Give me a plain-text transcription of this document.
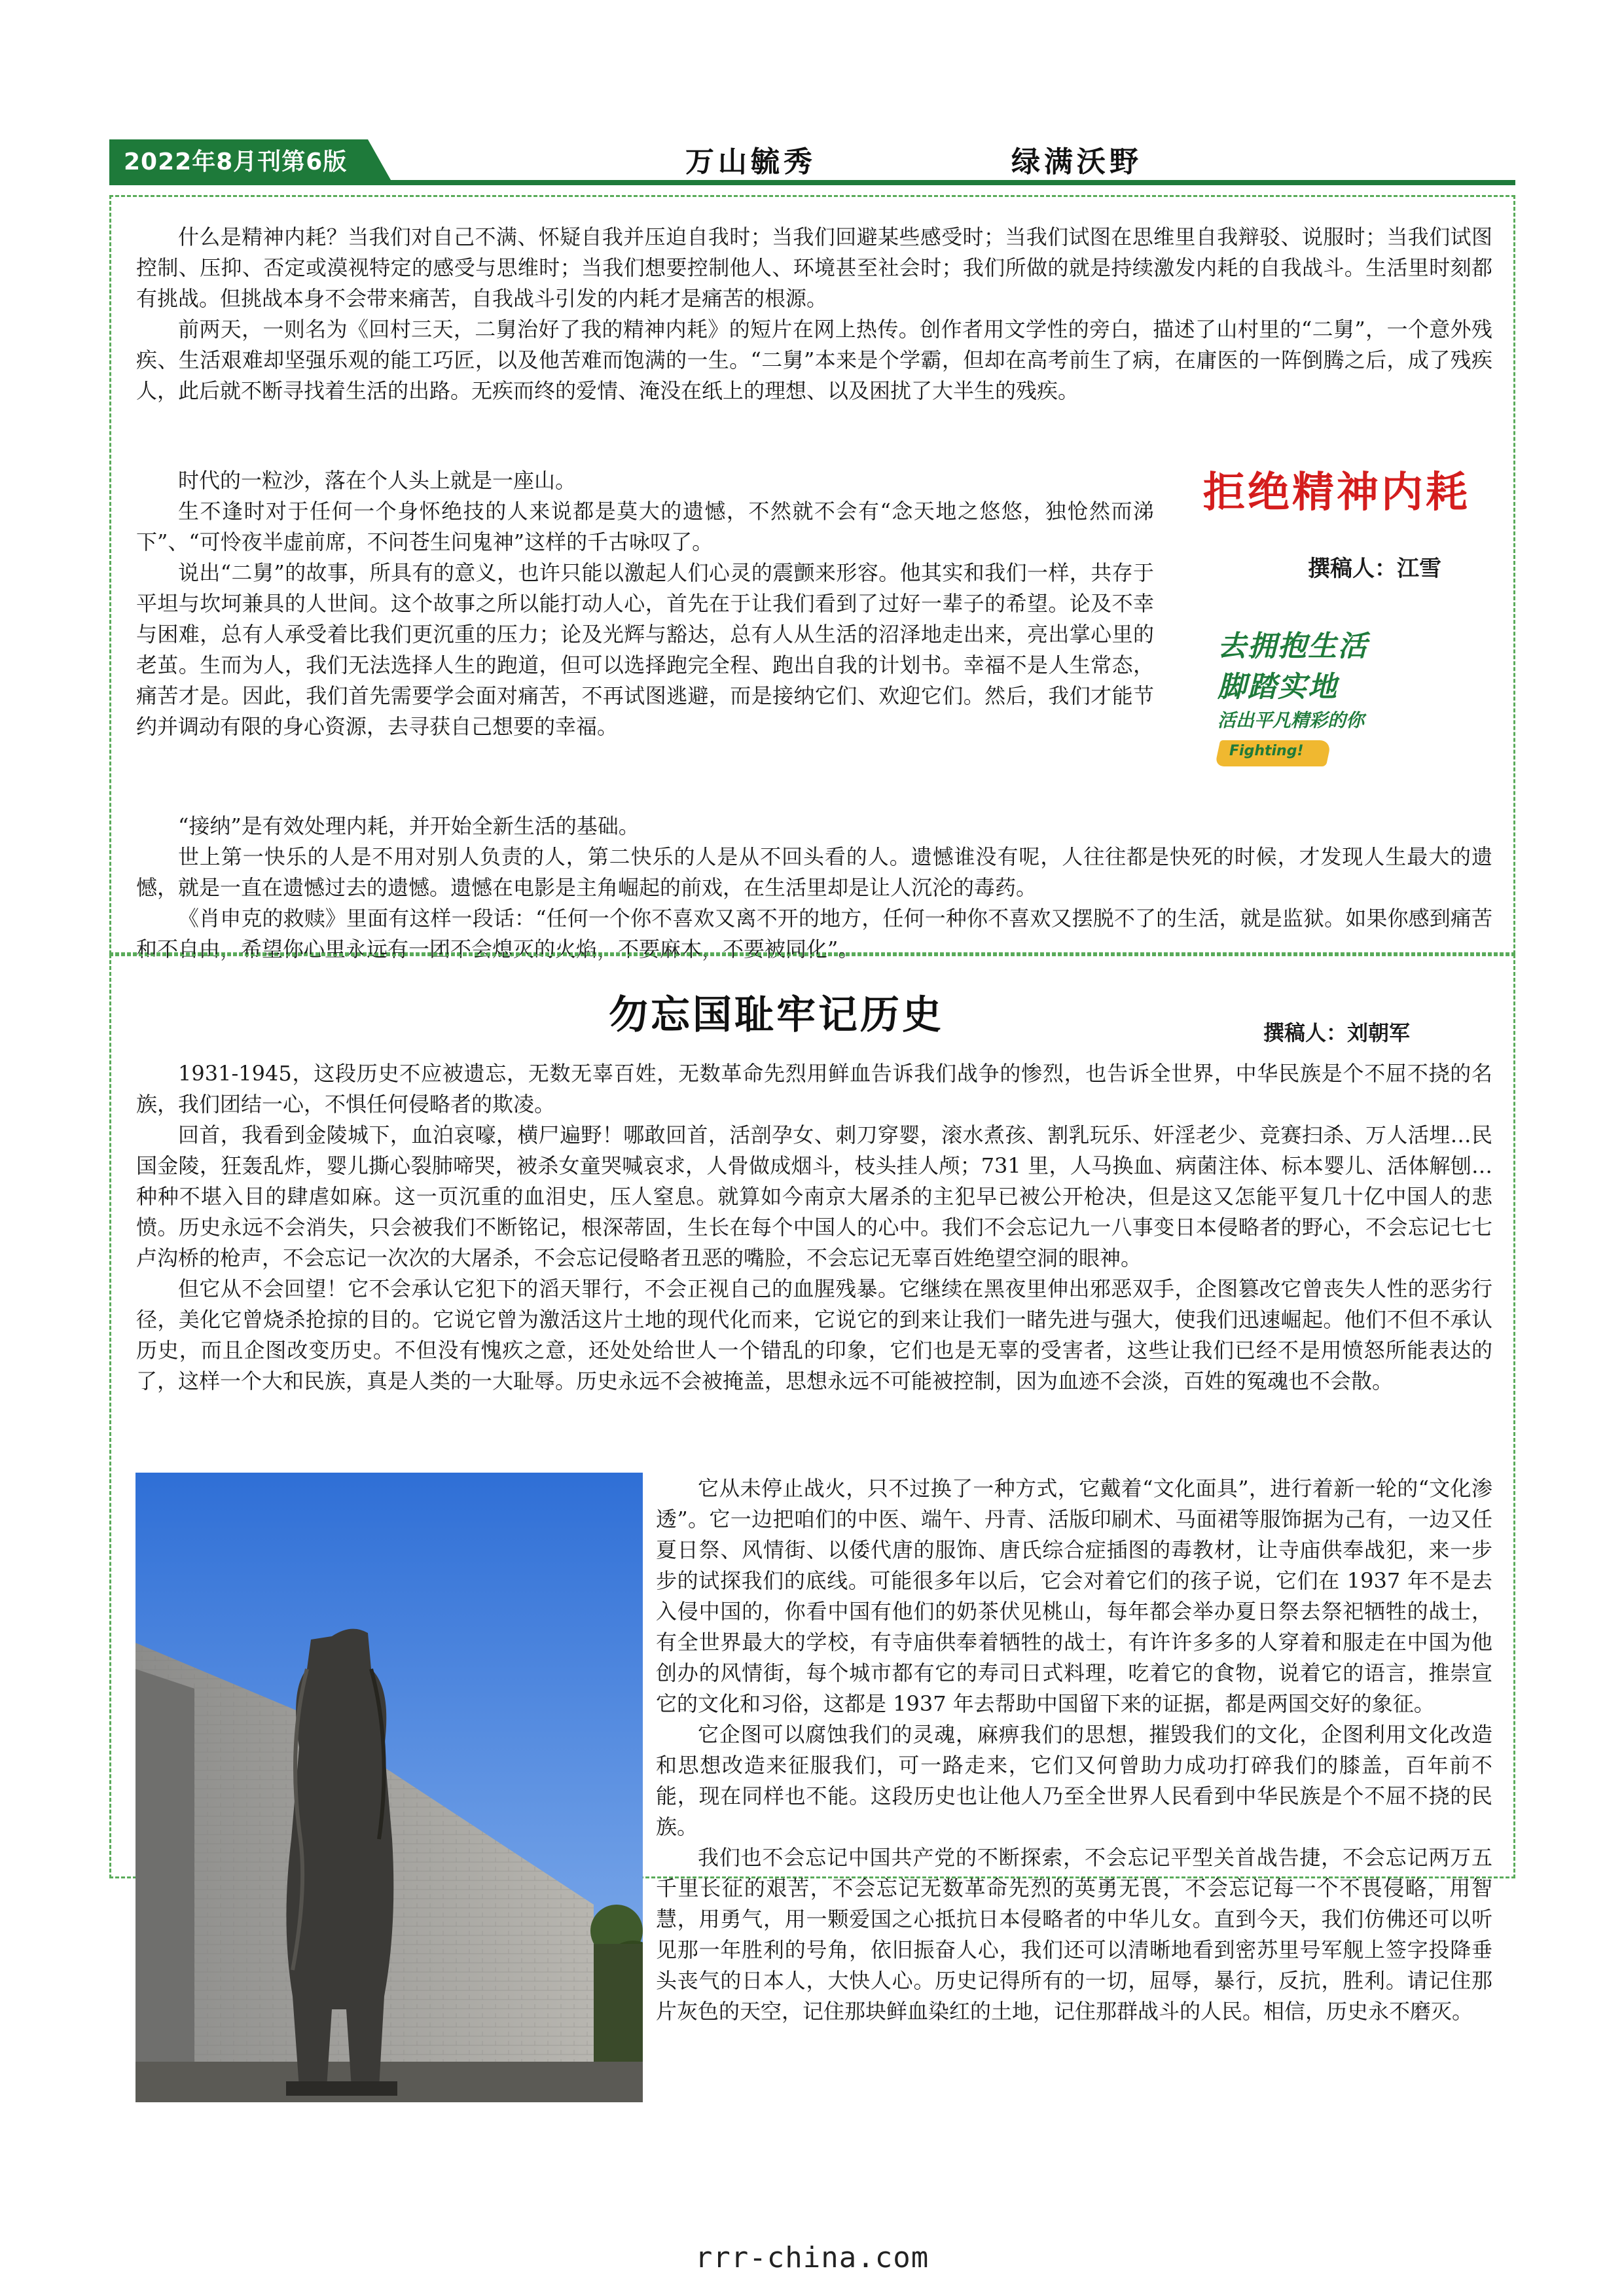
2022年8月刊第6版	万山毓秀	绿满沃野

什么是精神内耗？当我们对自己不满、怀疑自我并压迫自我时；当我们回避某些感受时；当我们试图在思维里自我辩驳、说服时；当我们试图控制、压抑、否定或漠视特定的感受与思维时；当我们想要控制他人、环境甚至社会时；我们所做的就是持续激发内耗的自我战斗。生活里时刻都有挑战。但挑战本身不会带来痛苦，自我战斗引发的内耗才是痛苦的根源。

前两天，一则名为《回村三天，二舅治好了我的精神内耗》的短片在网上热传。创作者用文学性的旁白，描述了山村里的“二舅”，一个意外残疾、生活艰难却坚强乐观的能工巧匠，以及他苦难而饱满的一生。“二舅”本来是个学霸，但却在高考前生了病，在庸医的一阵倒腾之后，成了残疾人，此后就不断寻找着生活的出路。无疾而终的爱情、淹没在纸上的理想、以及困扰了大半生的残疾。

时代的一粒沙，落在个人头上就是一座山。

生不逢时对于任何一个身怀绝技的人来说都是莫大的遗憾，不然就不会有“念天地之悠悠，独怆然而涕下”、“可怜夜半虚前席，不问苍生问鬼神”这样的千古咏叹了。

说出“二舅”的故事，所具有的意义，也许只能以激起人们心灵的震颤来形容。他其实和我们一样，共存于平坦与坎坷兼具的人世间。这个故事之所以能打动人心，首先在于让我们看到了过好一辈子的希望。论及不幸与困难，总有人承受着比我们更沉重的压力；论及光辉与豁达，总有人从生活的沼泽地走出来，亮出掌心里的老茧。生而为人，我们无法选择人生的跑道，但可以选择跑完全程、跑出自我的计划书。幸福不是人生常态，痛苦才是。因此，我们首先需要学会面对痛苦，不再试图逃避，而是接纳它们、欢迎它们。然后，我们才能节约并调动有限的身心资源，去寻获自己想要的幸福。

拒绝精神内耗
撰稿人：江雪
去拥抱生活
脚踏实地
活出平凡精彩的你
Fighting!

“接纳”是有效处理内耗，并开始全新生活的基础。

世上第一快乐的人是不用对别人负责的人，第二快乐的人是从不回头看的人。遗憾谁没有呢，人往往都是快死的时候，才发现人生最大的遗憾，就是一直在遗憾过去的遗憾。遗憾在电影是主角崛起的前戏，在生活里却是让人沉沦的毒药。

《肖申克的救赎》里面有这样一段话：“任何一个你不喜欢又离不开的地方，任何一种你不喜欢又摆脱不了的生活，就是监狱。如果你感到痛苦和不自由，希望你心里永远有一团不会熄灭的火焰，不要麻木，不要被同化”。

勿忘国耻牢记历史	撰稿人：刘朝军

1931-1945，这段历史不应被遗忘，无数无辜百姓，无数革命先烈用鲜血告诉我们战争的惨烈，也告诉全世界，中华民族是个不屈不挠的名族，我们团结一心，不惧任何侵略者的欺凌。

回首，我看到金陵城下，血泊哀嚎，横尸遍野！哪敢回首，活剖孕女、刺刀穿婴，滚水煮孩、割乳玩乐、奸淫老少、竞赛扫杀、万人活埋…民国金陵，狂轰乱炸，婴儿撕心裂肺啼哭，被杀女童哭喊哀求，人骨做成烟斗，枝头挂人颅；731 里，人马换血、病菌注体、标本婴儿、活体解刨…种种不堪入目的肆虐如麻。这一页沉重的血泪史，压人窒息。就算如今南京大屠杀的主犯早已被公开枪决，但是这又怎能平复几十亿中国人的悲愤。历史永远不会消失，只会被我们不断铭记，根深蒂固，生长在每个中国人的心中。我们不会忘记九一八事变日本侵略者的野心，不会忘记七七卢沟桥的枪声，不会忘记一次次的大屠杀，不会忘记侵略者丑恶的嘴脸，不会忘记无辜百姓绝望空洞的眼神。

但它从不会回望！它不会承认它犯下的滔天罪行，不会正视自己的血腥残暴。它继续在黑夜里伸出邪恶双手，企图篡改它曾丧失人性的恶劣行径，美化它曾烧杀抢掠的目的。它说它曾为激活这片土地的现代化而来，它说它的到来让我们一睹先进与强大，使我们迅速崛起。他们不但不承认历史，而且企图改变历史。不但没有愧疚之意，还处处给世人一个错乱的印象，它们也是无辜的受害者，这些让我们已经不是用愤怒所能表达的了，这样一个大和民族，真是人类的一大耻辱。历史永远不会被掩盖，思想永远不可能被控制，因为血迹不会淡，百姓的冤魂也不会散。

它从未停止战火，只不过换了一种方式，它戴着“文化面具”，进行着新一轮的“文化渗透”。它一边把咱们的中医、端午、丹青、活版印刷术、马面裙等服饰据为己有，一边又任夏日祭、风情街、以倭代唐的服饰、唐氏综合症插图的毒教材，让寺庙供奉战犯，来一步步的试探我们的底线。可能很多年以后，它会对着它们的孩子说，它们在 1937 年不是去入侵中国的，你看中国有他们的奶茶伏见桃山，每年都会举办夏日祭去祭祀牺牲的战士，有全世界最大的学校，有寺庙供奉着牺牲的战士，有许许多多的人穿着和服走在中国为他创办的风情街，每个城市都有它的寿司日式料理，吃着它的食物，说着它的语言，推崇宣它的文化和习俗，这都是 1937 年去帮助中国留下来的证据，都是两国交好的象征。

它企图可以腐蚀我们的灵魂，麻痹我们的思想，摧毁我们的文化，企图利用文化改造和思想改造来征服我们，可一路走来，它们又何曾助力成功打碎我们的膝盖，百年前不能，现在同样也不能。这段历史也让他人乃至全世界人民看到中华民族是个不屈不挠的民族。

我们也不会忘记中国共产党的不断探索，不会忘记平型关首战告捷，不会忘记两万五千里长征的艰苦，不会忘记无数革命先烈的英勇无畏，不会忘记每一个不畏侵略，用智慧，用勇气，用一颗爱国之心抵抗日本侵略者的中华儿女。直到今天，我们仿佛还可以听见那一年胜利的号角，依旧振奋人心，我们还可以清晰地看到密苏里号军舰上签字投降垂头丧气的日本人，大快人心。历史记得所有的一切，屈辱，暴行，反抗，胜利。请记住那片灰色的天空，记住那块鲜血染红的土地，记住那群战斗的人民。相信，历史永不磨灭。

rrr-china.com
